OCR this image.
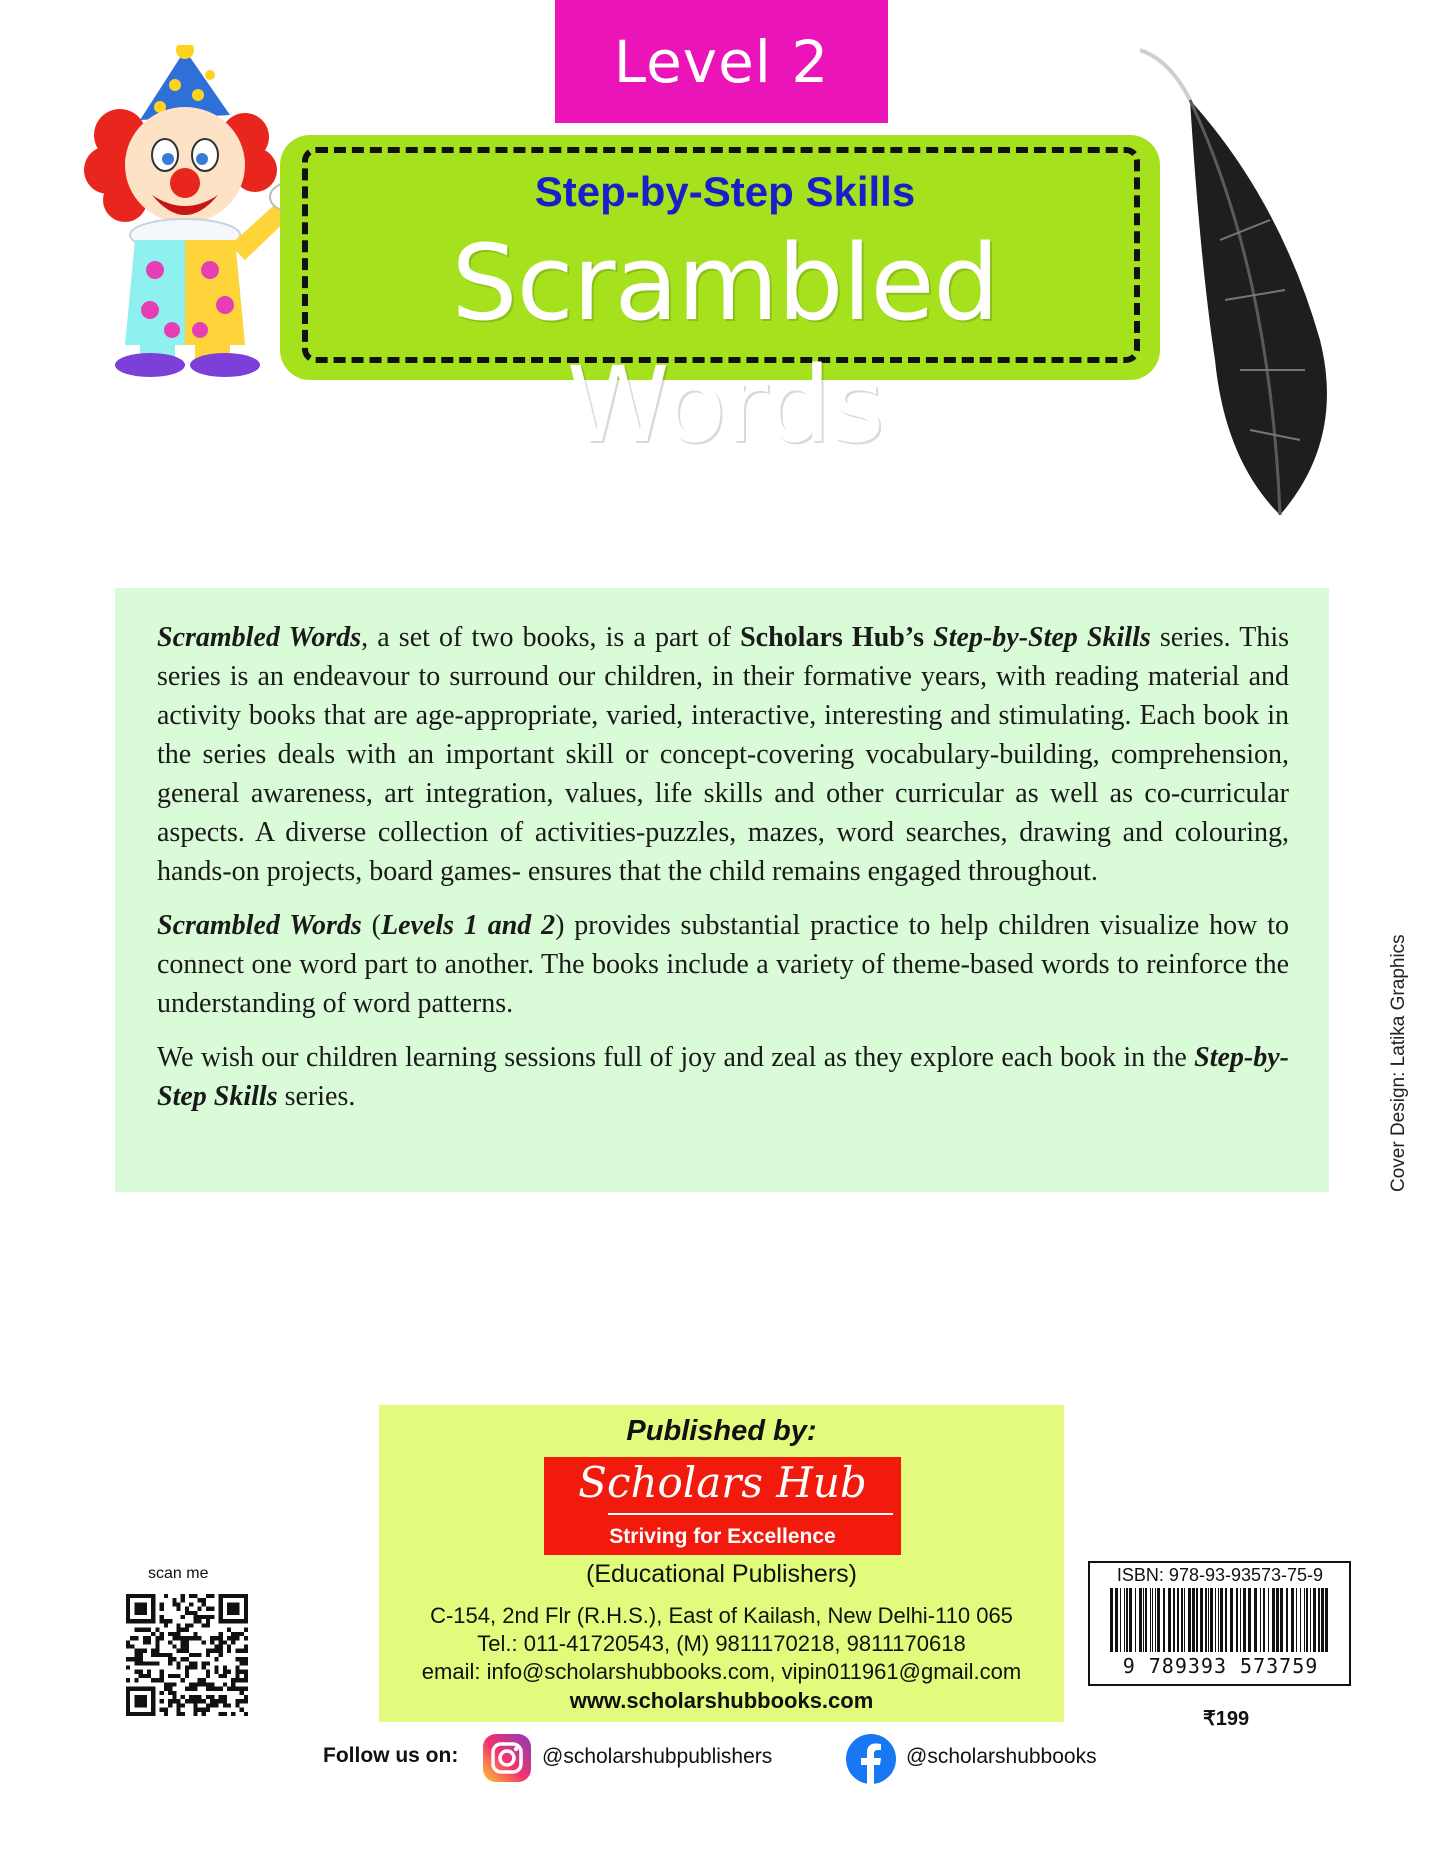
Level 2
Step-by-Step Skills
Scrambled Words

Scrambled Words, a set of two books, is a part of Scholars Hub’s Step-by-Step Skills series. This series is an endeavour to surround our children, in their formative years, with reading material and activity books that are age-appropriate, varied, interactive, interesting and stimulating. Each book in the series deals with an important skill or concept-covering vocabulary-building, comprehension, general awareness, art integration, values, life skills and other curricular as well as co-curricular aspects. A diverse collection of activities-puzzles, mazes, word searches, drawing and colouring, hands-on projects, board games- ensures that the child remains engaged throughout.

Scrambled Words (Levels 1 and 2) provides substantial practice to help children visualize how to connect one word part to another. The books include a variety of theme-based words to reinforce the understanding of word patterns.

We wish our children learning sessions full of joy and zeal as they explore each book in the Step-by-Step Skills series.	Cover Design: Latika Graphics
Published by:
Scholars Hub
Striving for Excellence
(Educational Publishers)
C-154, 2nd Flr (R.H.S.), East of Kailash, New Delhi-110 065
Tel.: 011-41720543, (M) 9811170218, 9811170618
email: info@scholarshubbooks.com, vipin011961@gmail.com
www.scholarshubbooks.com
scan me	ISBN: 978-93-93573-75-9
9 789393 573759
₹199
Follow us on:	@scholarshubpublishers	@scholarshubbooks
